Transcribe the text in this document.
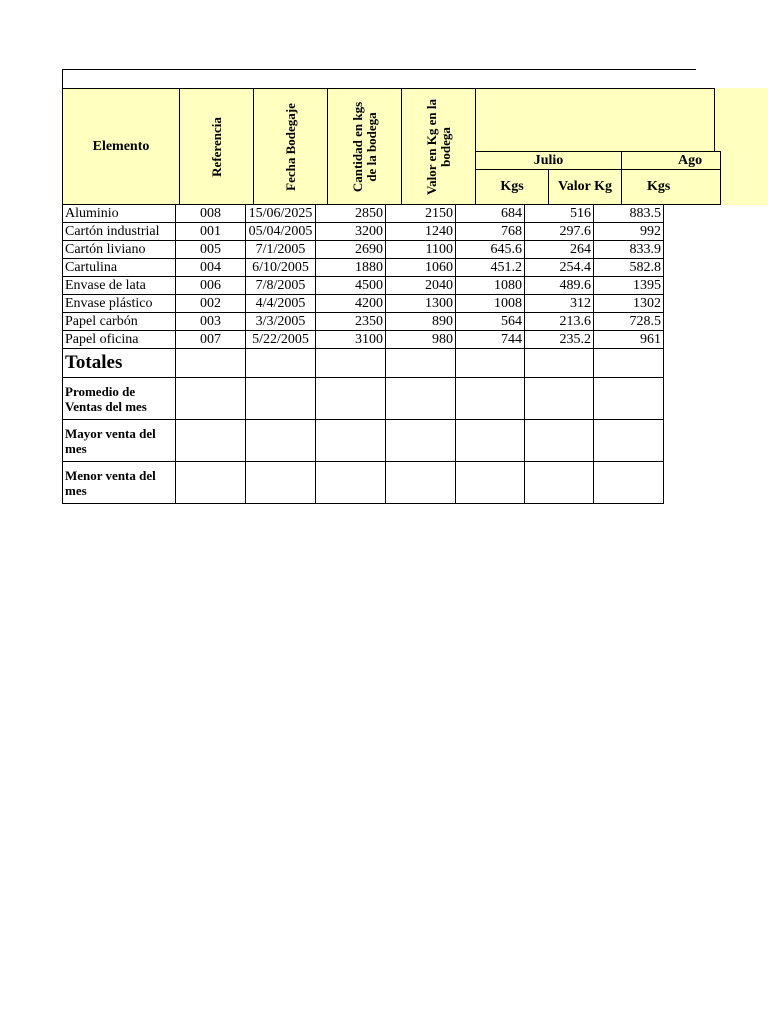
Elemento	Referencia	Fecha Bodegaje	Cantidad en kgs de la bodega	Valor en Kg en la bodega	Julio	Ago
Kgs Valor Kg Kgs
Aluminio	008	15/06/2025	2850	2150	684	516	883.5
Cartón industrial	001	05/04/2005	3200	1240	768	297.6	992
Cartón liviano	005	7/1/2005	2690	1100	645.6	264	833.9
Cartulina	004	6/10/2005	1880	1060	451.2	254.4	582.8
Envase de lata	006	7/8/2005	4500	2040	1080	489.6	1395
Envase plástico	002	4/4/2005	4200	1300	1008	312	1302
Papel carbón	003	3/3/2005	2350	890	564	213.6	728.5
Papel oficina	007	5/22/2005	3100	980	744	235.2	961
Totales							
Promedio de Ventas del mes							
Mayor venta del mes							
Menor venta del mes							
